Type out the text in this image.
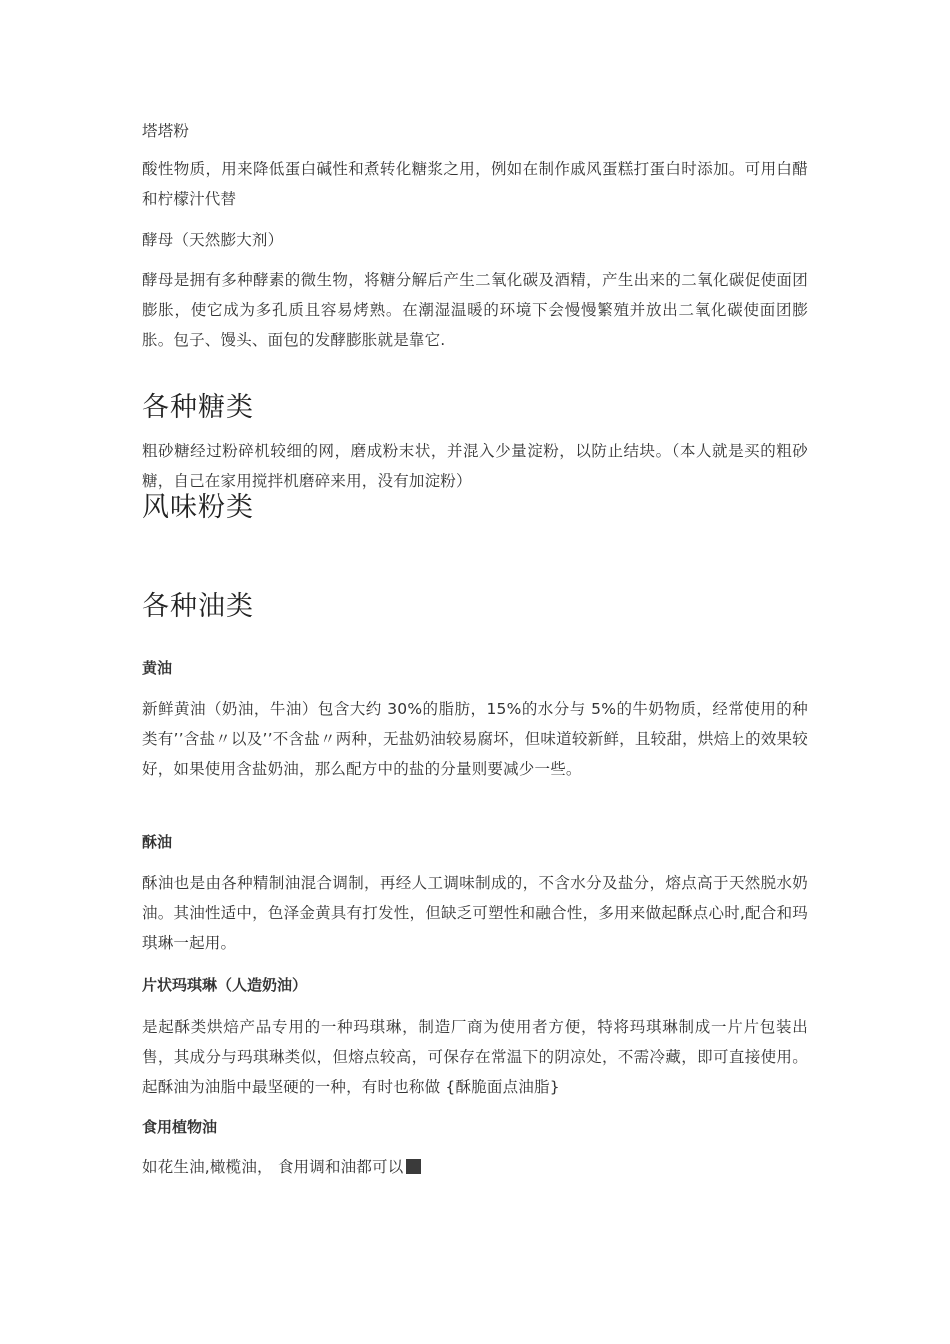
塔塔粉

酸性物质，用来降低蛋白碱性和煮转化糖浆之用，例如在制作戚风蛋糕打蛋白时添加。可用白醋和柠檬汁代替

酵母（天然膨大剂）

酵母是拥有多种酵素的微生物，将糖分解后产生二氧化碳及酒精，产生出来的二氧化碳促使面团膨胀，使它成为多孔质且容易烤熟。在潮湿温暖的环境下会慢慢繁殖并放出二氧化碳使面团膨胀。包子、馒头、面包的发酵膨胀就是靠它.

各种糖类

粗砂糖经过粉碎机较细的网，磨成粉末状，并混入少量淀粉，以防止结块。（本人就是买的粗砂糖，自己在家用搅拌机磨碎来用，没有加淀粉）

风味粉类
各种油类
黄油

新鲜黄油（奶油，牛油）包含大约 30%的脂肪，15%的水分与 5%的牛奶物质，经常使用的种类有’’含盐〃以及’’不含盐〃两种，无盐奶油较易腐坏，但味道较新鲜，且较甜，烘焙上的效果较好，如果使用含盐奶油，那么配方中的盐的分量则要减少一些。

酥油

酥油也是由各种精制油混合调制，再经人工调味制成的，不含水分及盐分，熔点高于天然脱水奶油。其油性适中，色泽金黄具有打发性，但缺乏可塑性和融合性，多用来做起酥点心时,配合和玛琪琳一起用。

片状玛琪琳（人造奶油）

是起酥类烘焙产品专用的一种玛琪琳，制造厂商为使用者方便，特将玛琪琳制成一片片包装出售，其成分与玛琪琳类似，但熔点较高，可保存在常温下的阴凉处，不需冷藏，即可直接使用。起酥油为油脂中最坚硬的一种，有时也称做 {酥脆面点油脂}

食用植物油

如花生油,橄榄油， 食用调和油都可以
